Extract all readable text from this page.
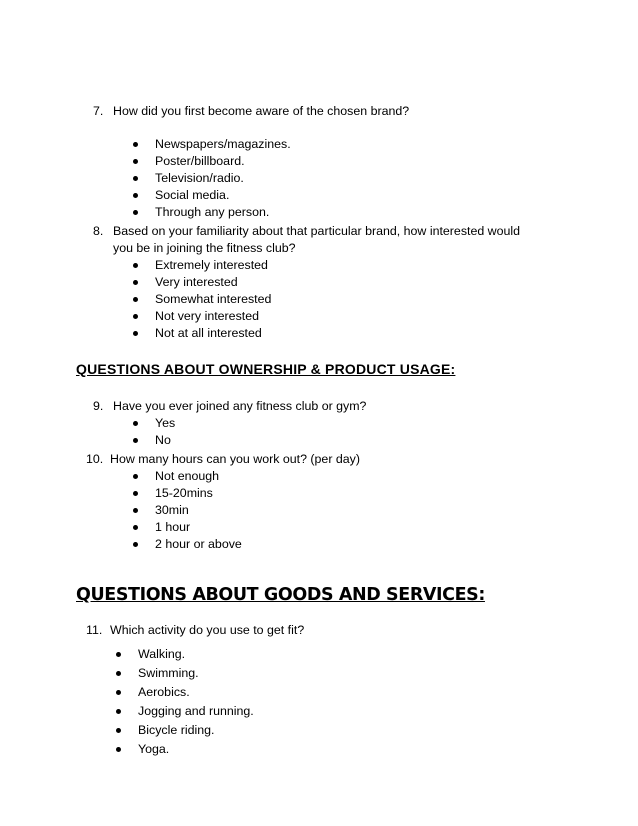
7. How did you first become aware of the chosen brand?
Newspapers/magazines.
Poster/billboard.
Television/radio.
Social media.
Through any person.
8. Based on your familiarity about that particular brand, how interested would
you be in joining the fitness club?
Extremely interested
Very interested
Somewhat interested
Not very interested
Not at all interested
QUESTIONS ABOUT OWNERSHIP & PRODUCT USAGE:
9. Have you ever joined any fitness club or gym?
Yes
No
10. How many hours can you work out? (per day)
Not enough
15-20mins
30min
1 hour
2 hour or above
QUESTIONS ABOUT GOODS AND SERVICES:
11. Which activity do you use to get fit?
Walking.
Swimming.
Aerobics.
Jogging and running.
Bicycle riding.
Yoga.
